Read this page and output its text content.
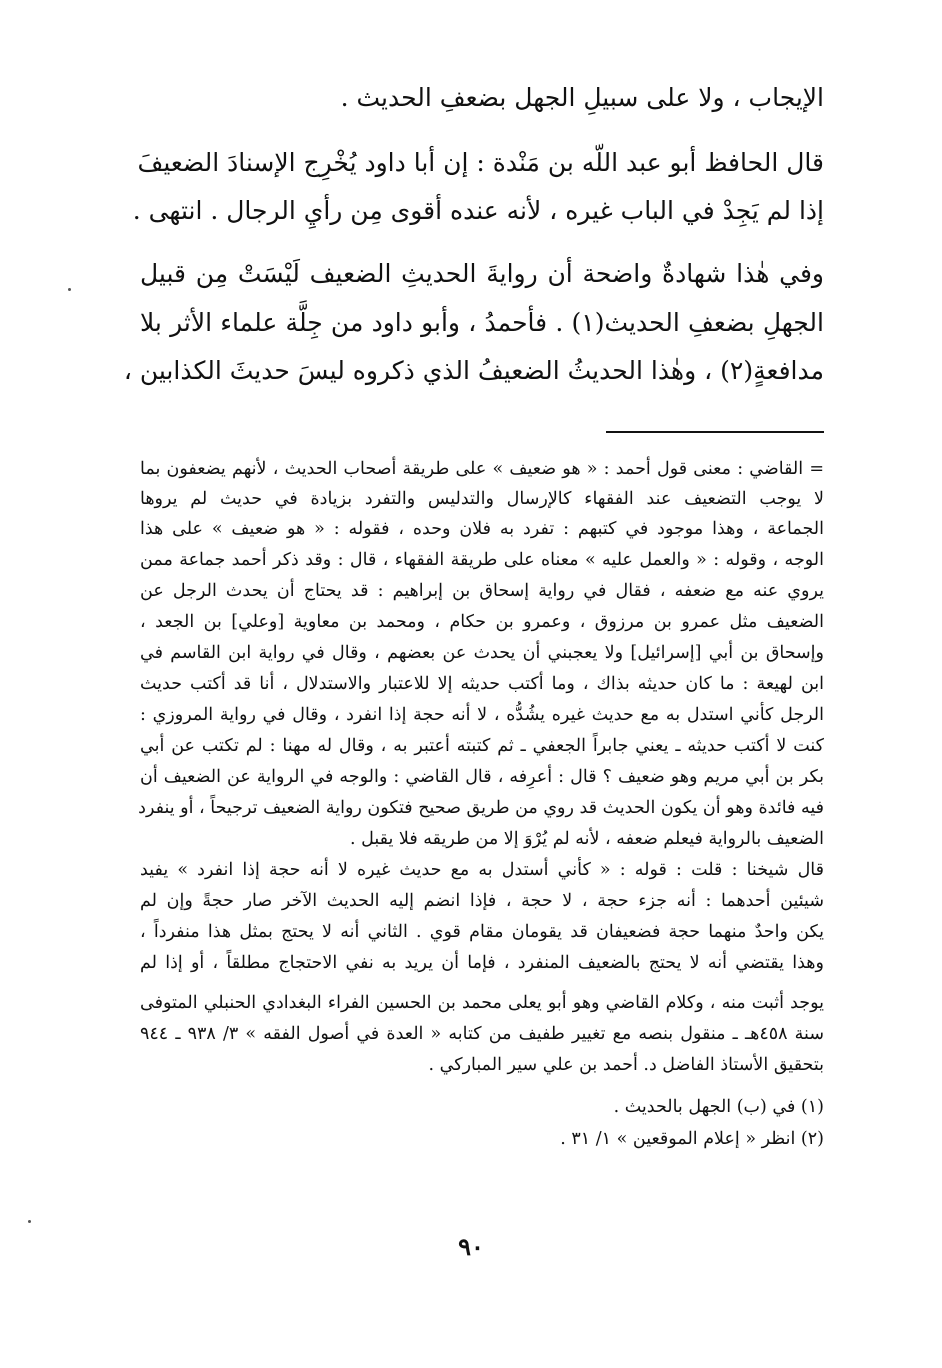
الإيجاب ، ولا على سبيلِ الجهل بضعفِ الحديث .
قال الحافظ أبو عبد اللّه بن مَنْدة : إن أبا داود يُخْرِج الإسنادَ الضعيفَ
إذا لم يَجِدْ في الباب غيره ، لأنه عنده أقوى مِن رأيِ الرجال . انتهى .
وفي هٰذا شهادةٌ واضحة أن روايةَ الحديثِ الضعيف لَيْسَتْ مِن قبيل
الجهلِ بضعفِ الحديث(١) . فأحمدُ ، وأبو داود من جِلَّة علماء الأثر بلا
مدافعةٍ(٢) ، وهٰذا الحديثُ الضعيفُ الذي ذكروه ليسَ حديثَ الكذابين ،
= القاضي : معنى قول أحمد : « هو ضعيف » على طريقة أصحاب الحديث ، لأنهم يضعفون بما
لا يوجب التضعيف عند الفقهاء كالإرسال والتدليس والتفرد بزيادة في حديث لم يروها
الجماعة ، وهذا موجود في كتبهم : تفرد به فلان وحده ، فقوله : « هو ضعيف » على هذا
الوجه ، وقوله : « والعمل عليه » معناه على طريقة الفقهاء ، قال : وقد ذكر أحمد جماعة ممن
يروي عنه مع ضعفه ، فقال في رواية إسحاق بن إبراهيم : قد يحتاج أن يحدث الرجل عن
الضعيف مثل عمرو بن مرزوق ، وعمرو بن حكام ، ومحمد بن معاوية [وعلي] بن الجعد ،
وإسحاق بن أبي [إسرائيل] ولا يعجبني أن يحدث عن بعضهم ، وقال في رواية ابن القاسم في
ابن لهيعة : ما كان حديثه بذاك ، وما أكتب حديثه إلا للاعتبار والاستدلال ، أنا قد أكتب حديث
الرجل كأني استدل به مع حديث غيره يشُدُّه ، لا أنه حجة إذا انفرد ، وقال في رواية المروزي :
كنت لا أكتب حديثه ـ يعني جابراً الجعفي ـ ثم كتبته أعتبر به ، وقال له مهنا : لم تكتب عن أبي
بكر بن أبي مريم وهو ضعيف ؟ قال : أعرِفه ، قال القاضي : والوجه في الرواية عن الضعيف أن
فيه فائدة وهو أن يكون الحديث قد روي من طريق صحيح فتكون رواية الضعيف ترجيحاً ، أو ينفرد
الضعيف بالرواية فيعلم ضعفه ، لأنه لم يُرْوَ إلا من طريقه فلا يقبل .
قال شيخنا : قلت : قوله : « كأني أستدل به مع حديث غيره لا أنه حجة إذا انفرد » يفيد
شيئين أحدهما : أنه جزء حجة ، لا حجة ، فإذا انضم إليه الحديث الآخر صار حجةً وإن لم
يكن واحدٌ منهما حجة فضعيفان قد يقومان مقام قوي . الثاني أنه لا يحتج بمثل هذا منفرداً ،
وهذا يقتضي أنه لا يحتج بالضعيف المنفرد ، فإما أن يريد به نفي الاحتجاج مطلقاً ، أو إذا لم
يوجد أثبت منه ، وكلام القاضي وهو أبو يعلى محمد بن الحسين الفراء البغدادي الحنبلي المتوفى
سنة ٤٥٨هـ ـ منقول بنصه مع تغيير طفيف من كتابه « العدة في أصول الفقه » ٣/ ٩٣٨ ـ ٩٤٤
بتحقيق الأستاذ الفاضل د. أحمد بن علي سير المباركي .
(١) في (ب) الجهل بالحديث .
(٢) انظر « إعلام الموقعين » ١/ ٣١ .
٩٠
